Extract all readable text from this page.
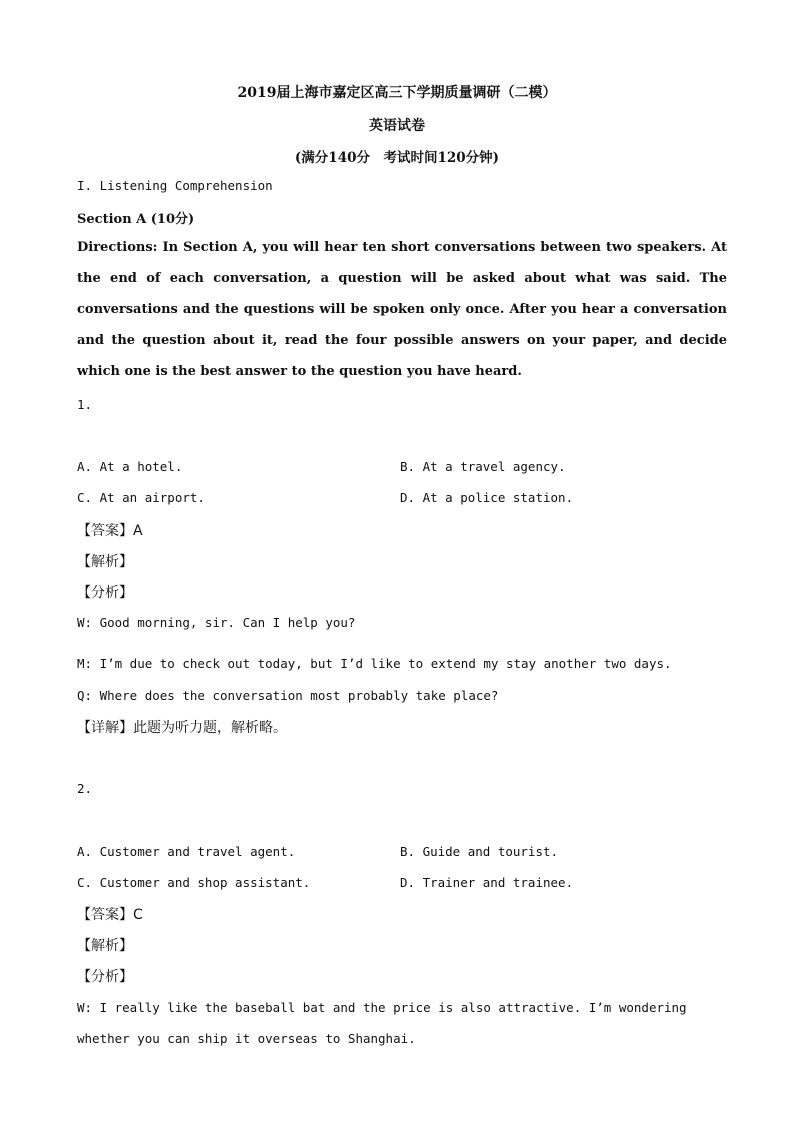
2019届上海市嘉定区高三下学期质量调研（二模）
英语试卷
(满分140分　考试时间120分钟)
I. Listening Comprehension
Section A (10分)
Directions: In Section A, you will hear ten short conversations between two speakers. At the end of each conversation, a question will be asked about what was said. The conversations and the questions will be spoken only once. After you hear a conversation and the question about it, read the four possible answers on your paper, and decide which one is the best answer to the question you have heard.
1.
A. At a hotel.	B. At a travel agency.
C. At an airport.	D. At a police station.
【答案】A
【解析】
【分析】
W: Good morning, sir. Can I help you?
M: I’m due to check out today, but I’d like to extend my stay another two days.
Q: Where does the conversation most probably take place?
【详解】此题为听力题，解析略。
2.
A. Customer and travel agent.	B. Guide and tourist.
C. Customer and shop assistant.	D. Trainer and trainee.
【答案】C
【解析】
【分析】
W: I really like the baseball bat and the price is also attractive. I’m wondering whether you can ship it overseas to Shanghai.
